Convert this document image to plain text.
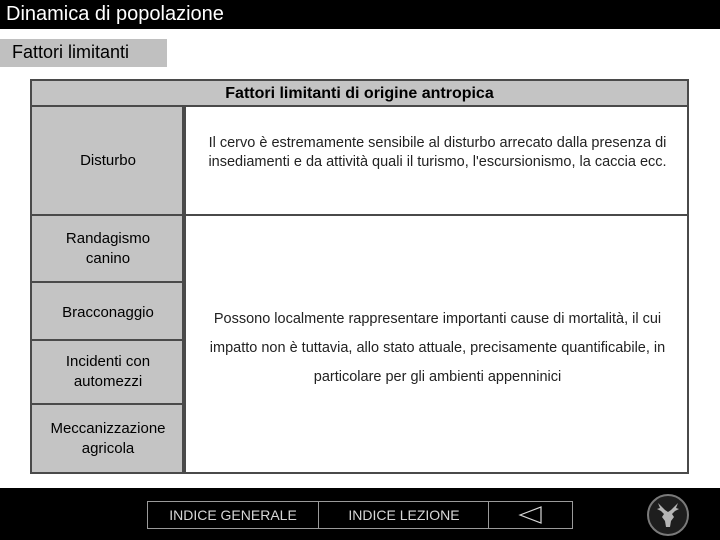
Dinamica di popolazione
Fattori limitanti
Fattori limitanti di origine antropica
Disturbo
Randagismo canino
Bracconaggio
Incidenti con automezzi
Meccanizzazione agricola
Il cervo è estremamente sensibile al disturbo arrecato dalla presenza di insediamenti e da attività quali il turismo, l'escursionismo, la caccia ecc.
Possono localmente rappresentare importanti cause di mortalità, il cui impatto non è tuttavia, allo stato attuale, precisamente quantificabile, in particolare per gli ambienti appenninici
INDICE GENERALE	INDICE LEZIONE
